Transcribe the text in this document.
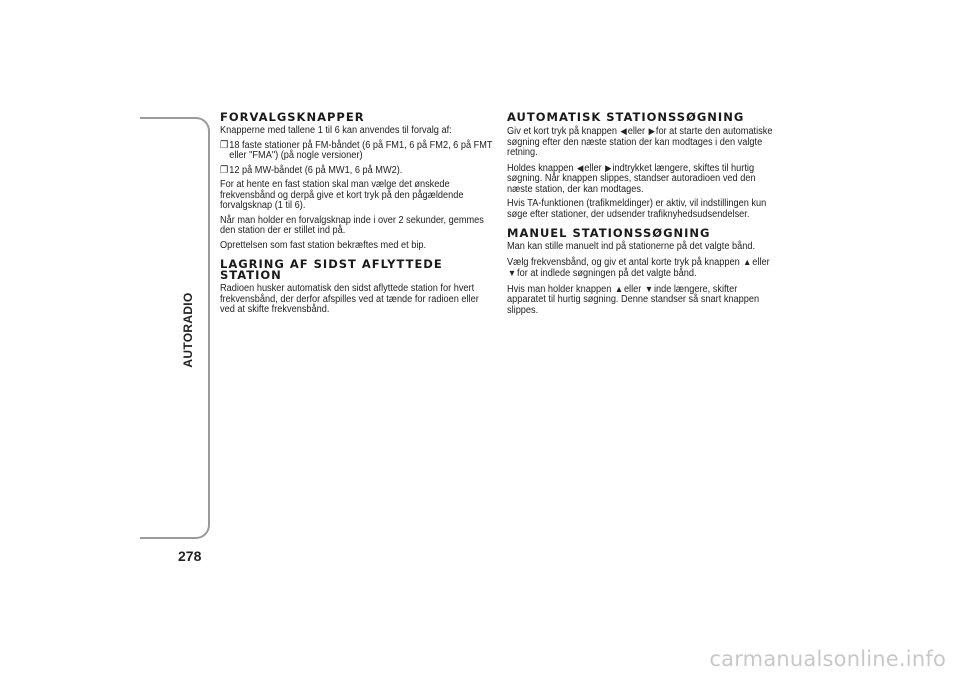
AUTORADIO
278
FORVALGSKNAPPER

Knapperne med tallene 1 til 6 kan anvendes til forvalg af:

❐18 faste stationer på FM-båndet (6 på FM1, 6 på FM2, 6 på FMT eller "FMA") (på nogle versioner)

❐12 på MW-båndet (6 på MW1, 6 på MW2).

For at hente en fast station skal man vælge det ønskede frekvensbånd og derpå give et kort tryk på den pågældende forvalgsknap (1 til 6).

Når man holder en forvalgsknap inde i over 2 sekunder, gemmes den station der er stillet ind på.

Oprettelsen som fast station bekræftes med et bip.

LAGRING AF SIDST AFLYTTEDE STATION

Radioen husker automatisk den sidst aflyttede station for hvert frekvensbånd, der derfor afspilles ved at tænde for radioen eller ved at skifte frekvensbånd.

AUTOMATISK STATIONSSØGNING

Giv et kort tryk på knappen ◀eller ▶for at starte den automatiske søgning efter den næste station der kan modtages i den valgte retning.

Holdes knappen ◀eller ▶indtrykket længere, skiftes til hurtig søgning. Når knappen slippes, standser autoradioen ved den næste station, der kan modtages.

Hvis TA-funktionen (trafikmeldinger) er aktiv, vil indstillingen kun søge efter stationer, der udsender trafiknyhedsudsendelser.

MANUEL STATIONSSØGNING

Man kan stille manuelt ind på stationerne på det valgte bånd.

Vælg frekvensbånd, og giv et antal korte tryk på knappen ▲eller ▼for at indlede søgningen på det valgte bånd.

Hvis man holder knappen ▲eller ▼inde længere, skifter apparatet til hurtig søgning. Denne standser så snart knappen slippes.

carmanualsonline.info
